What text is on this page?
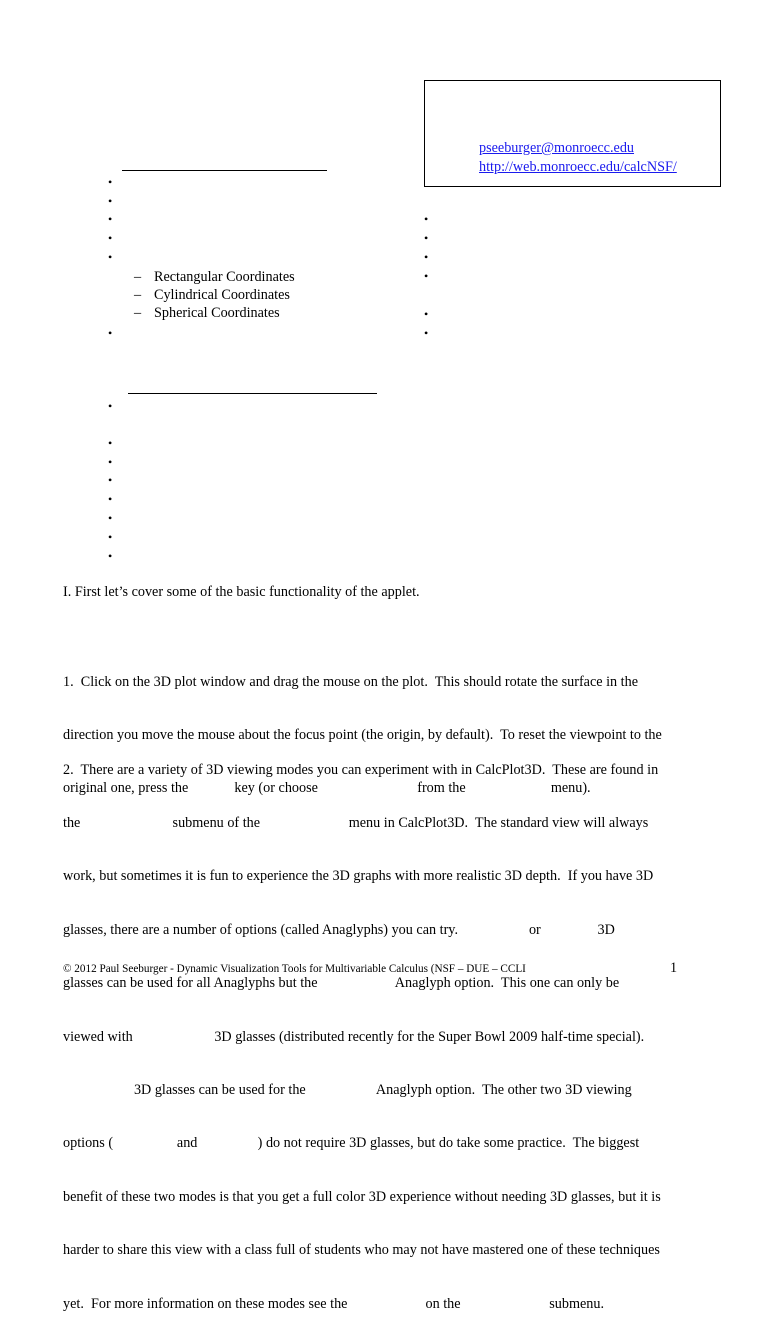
pseeburger@monroecc.edu
http://web.monroecc.edu/calcNSF/
•
•
•
•
•
– Rectangular Coordinates
– Cylindrical Coordinates
– Spherical Coordinates
•
•
•
•
•
•
•
•
•
•
•
•
•
•
•
I. First let’s cover some of the basic functionality of the applet.

1.  Click on the 3D plot window and drag the mouse on the plot.  This should rotate the surface in the

direction you move the mouse about the focus point (the origin, by default).  To reset the viewpoint to the

original one, press the             key (or choose                            from the                        menu).

2.  There are a variety of 3D viewing modes you can experiment with in CalcPlot3D.  These are found in

the                          submenu of the                         menu in CalcPlot3D.  The standard view will always

work, but sometimes it is fun to experience the 3D graphs with more realistic 3D depth.  If you have 3D

glasses, there are a number of options (called Anaglyphs) you can try.                    or                3D

glasses can be used for all Anaglyphs but the                      Anaglyph option.  This one can only be

viewed with                       3D glasses (distributed recently for the Super Bowl 2009 half-time special).

3D glasses can be used for the                    Anaglyph option.  The other two 3D viewing

options (                  and                 ) do not require 3D glasses, but do take some practice.  The biggest

benefit of these two modes is that you get a full color 3D experience without needing 3D glasses, but it is

harder to share this view with a class full of students who may not have mastered one of these techniques

yet.  For more information on these modes see the                      on the                         submenu.

© 2012 Paul Seeburger - Dynamic Visualization Tools for Multivariable Calculus (NSF – DUE – CCLI	1
